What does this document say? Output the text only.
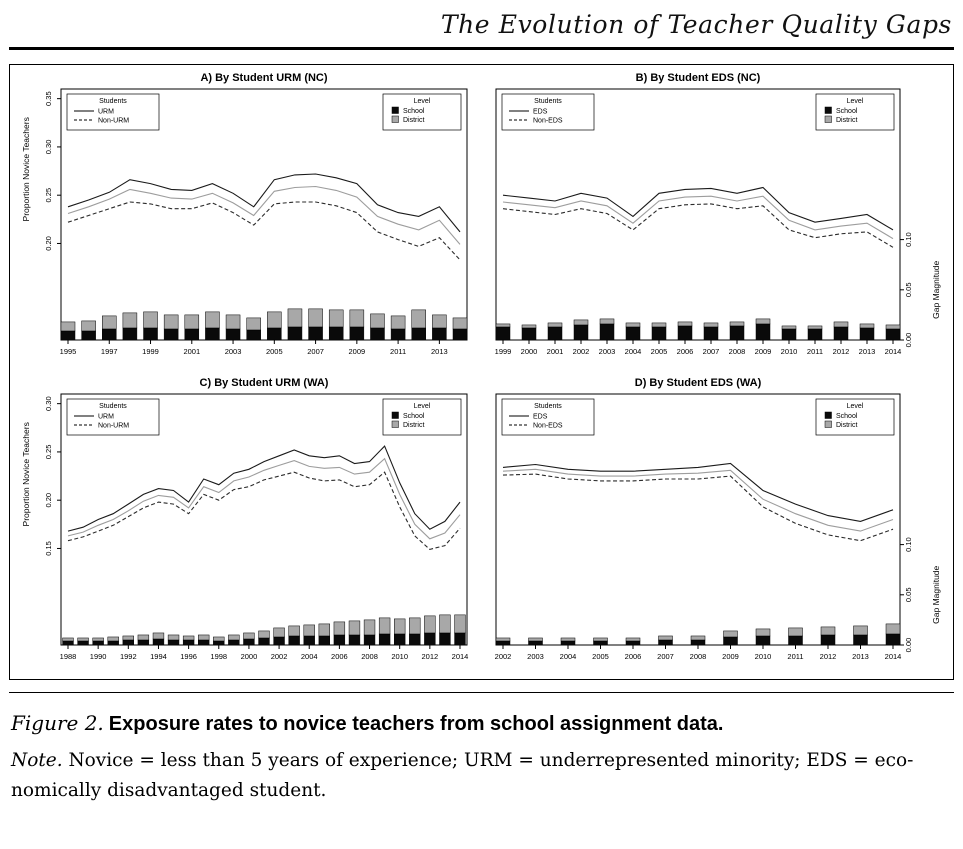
The Evolution of Teacher Quality Gaps
A) By Student URM (NC)
1995	1997	1999	2001	2003	2005	2007	2009	2011	2013
0.20
0.25
0.30
0.35
Proportion Novice Teachers
Students
URM
Non-URM
Level
School
District
B) By Student EDS (NC)
1999 2000 2001 2002 2003 2004 2005 2006 2007 2008 2009 2010 2011 2012 2013 2014
0.00
0.05
0.10
Gap Magnitude
Students
EDS
Non-EDS
Level
School
District
C) By Student URM (WA)
1988 1990 1992 1994 1996 1998 2000 2002 2004 2006 2008 2010 2012 2014
0.15
0.20
0.25
0.30
Proportion Novice Teachers
Students
URM
Non-URM
Level
School
District
D) By Student EDS (WA)
2002 2003 2004 2005 2006 2007 2008 2009 2010 2011 2012 2013 2014
0.00
0.05
0.10
Gap Magnitude
Students
EDS
Non-EDS
Level
School
District

Figure 2. Exposure rates to novice teachers from school assignment data.

Note. Novice = less than 5 years of experience; URM = underrepresented minority; EDS = eco-
nomically disadvantaged student.
